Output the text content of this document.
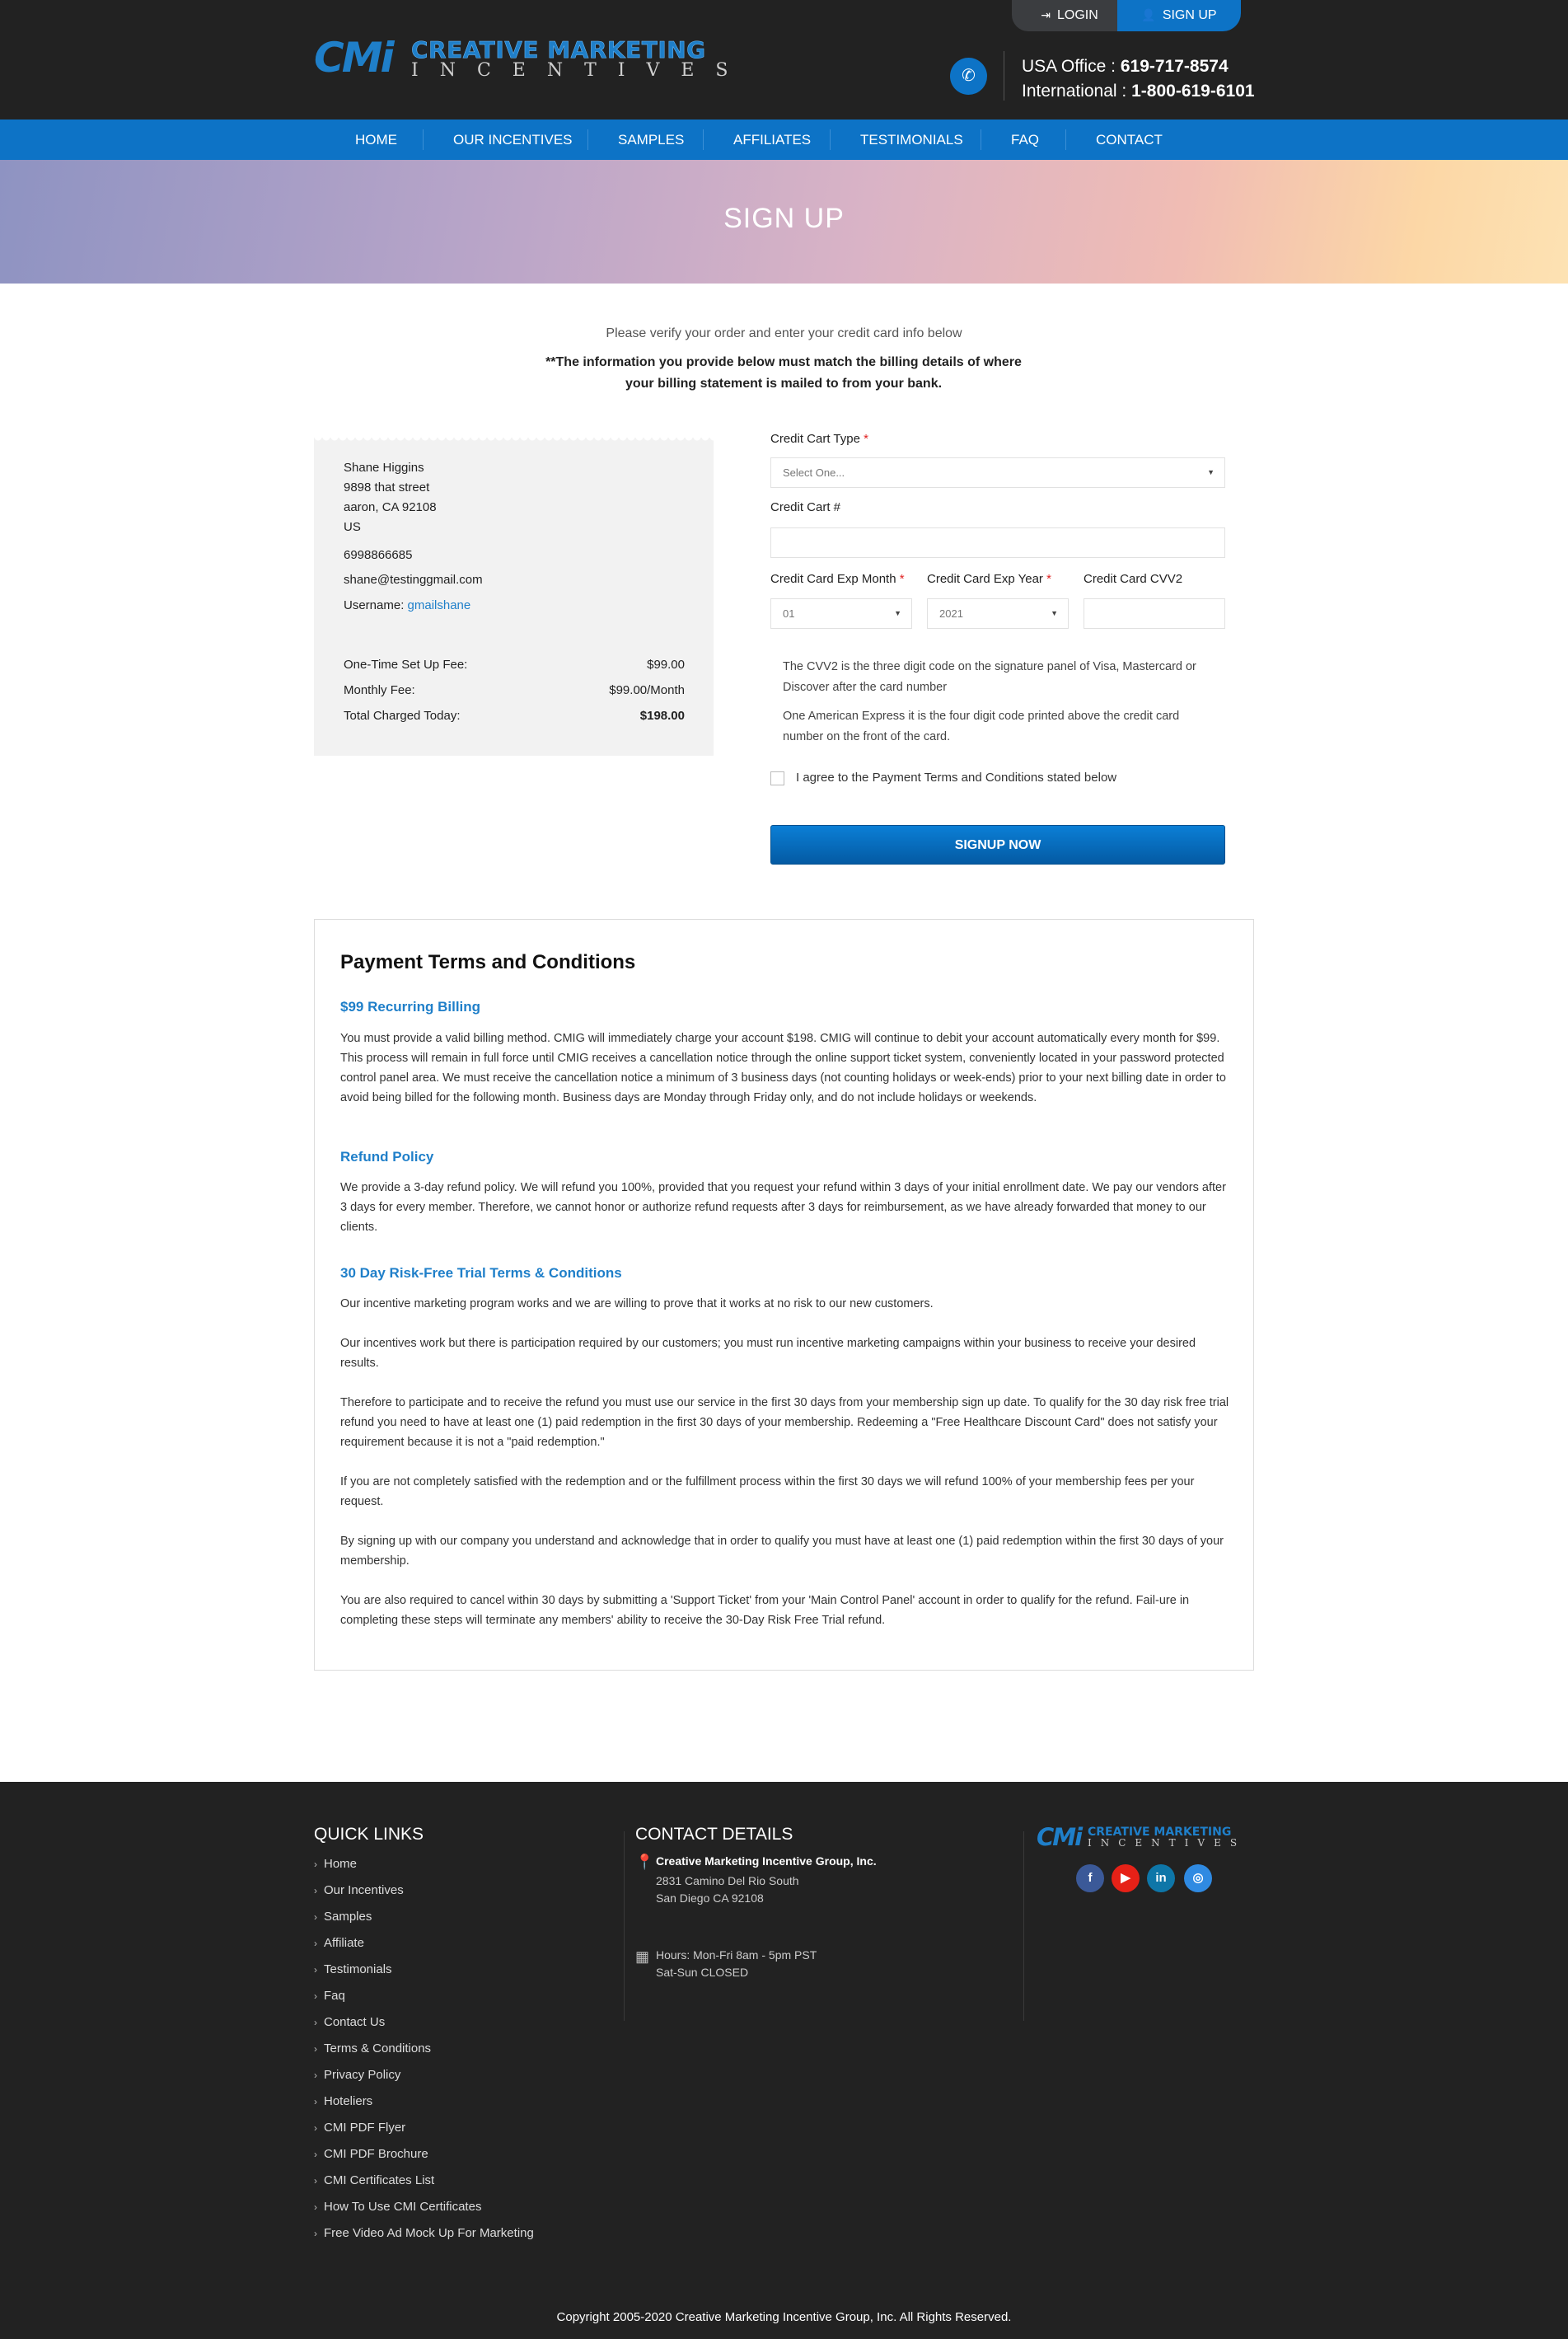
CMi CREATIVE MARKETING
INCENTIVES
⇥ LOGIN	👤 SIGN UP
✆	USA Office : 619-717-8574
International : 1-800-619-6101
HOME	OUR INCENTIVES	SAMPLES	AFFILIATES	TESTIMONIALS	FAQ	CONTACT
SIGN UP
Please verify your order and enter your credit card info below
**The information you provide below must match the billing details of where your billing statement is mailed to from your bank.
Shane Higgins
9898 that street
aaron, CA 92108
US
6998866685
shane@testinggmail.com
Username: gmailshane
One-Time Set Up Fee:	$99.00
Monthly Fee:	$99.00/Month
Total Charged Today:	$198.00
Credit Cart Type *
Select One...	▼
Credit Cart #
Credit Card Exp Month *
01	▼
Credit Card Exp Year *
2021	▼
Credit Card CVV2
The CVV2 is the three digit code on the signature panel of Visa, Mastercard or Discover after the card number
One American Express it is the four digit code printed above the credit card number on the front of the card.
I agree to the Payment Terms and Conditions stated below
SIGNUP NOW
Payment Terms and Conditions
$99 Recurring Billing
You must provide a valid billing method. CMIG will immediately charge your account $198. CMIG will continue to debit your account automatically every month for $99. This process will remain in full force until CMIG receives a cancellation notice through the online support ticket system, conveniently located in your password protected control panel area. We must receive the cancellation notice a minimum of 3 business days (not counting holidays or week-ends) prior to your next billing date in order to avoid being billed for the following month. Business days are Monday through Friday only, and do not include holidays or weekends.
Refund Policy
We provide a 3-day refund policy. We will refund you 100%, provided that you request your refund within 3 days of your initial enrollment date. We pay our vendors after 3 days for every member. Therefore, we cannot honor or authorize refund requests after 3 days for reimbursement, as we have already forwarded that money to our clients.
30 Day Risk-Free Trial Terms & Conditions
Our incentive marketing program works and we are willing to prove that it works at no risk to our new customers.
Our incentives work but there is participation required by our customers; you must run incentive marketing campaigns within your business to receive your desired results.
Therefore to participate and to receive the refund you must use our service in the first 30 days from your membership sign up date. To qualify for the 30 day risk free trial refund you need to have at least one (1) paid redemption in the first 30 days of your membership. Redeeming a "Free Healthcare Discount Card" does not satisfy your requirement because it is not a "paid redemption."
If you are not completely satisfied with the redemption and or the fulfillment process within the first 30 days we will refund 100% of your membership fees per your request.
By signing up with our company you understand and acknowledge that in order to qualify you must have at least one (1) paid redemption within the first 30 days of your membership.
You are also required to cancel within 30 days by submitting a 'Support Ticket' from your 'Main Control Panel' account in order to qualify for the refund. Fail-ure in completing these steps will terminate any members' ability to receive the 30-Day Risk Free Trial refund.
QUICK LINKS	CONTACT DETAILS
› Home
› Our Incentives
› Samples
› Affiliate
› Testimonials
› Faq
› Contact Us
› Terms & Conditions
› Privacy Policy
› Hoteliers
› CMI PDF Flyer
› CMI PDF Brochure
› CMI Certificates List
› How To Use CMI Certificates
› Free Video Ad Mock Up For Marketing
📍 Creative Marketing Incentive Group, Inc.
2831 Camino Del Rio South
San Diego CA 92108
▦ Hours: Mon-Fri 8am - 5pm PST
Sat-Sun CLOSED
CMi CREATIVE MARKETING
INCENTIVES
f	▶	in	◎
Copyright 2005-2020 Creative Marketing Incentive Group, Inc. All Rights Reserved.
